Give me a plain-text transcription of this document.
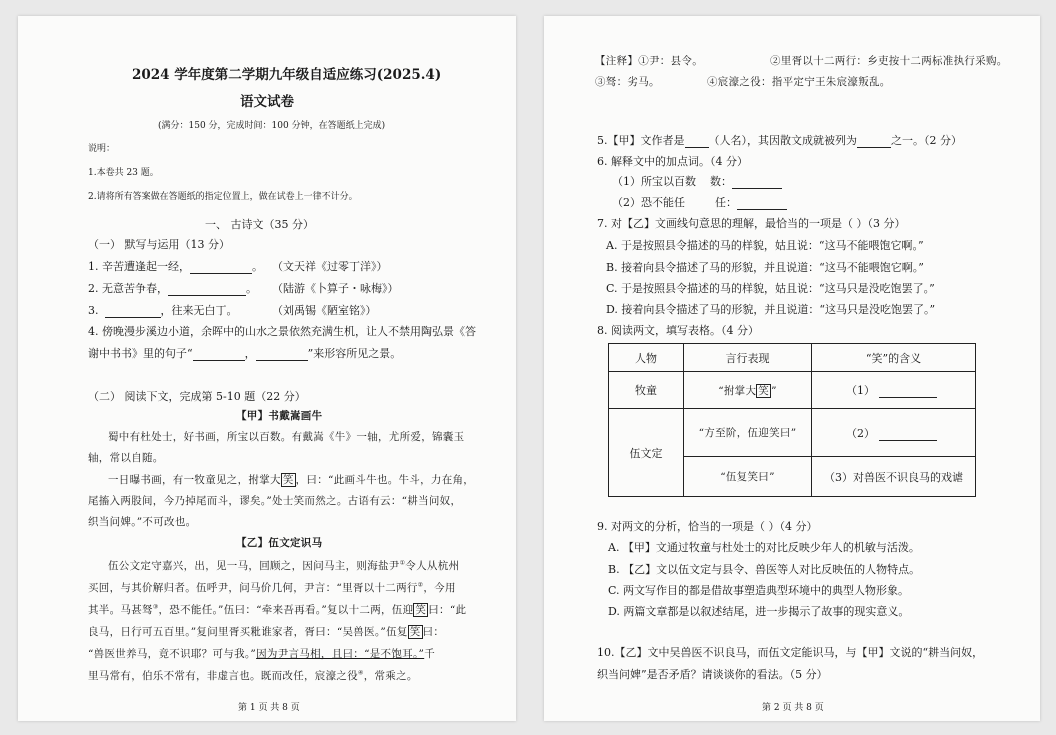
2024 学年度第二学期九年级自适应练习(2025.4)
语文试卷
(满分：150 分，完成时间：100 分钟，在答题纸上完成)
说明：
1.本卷共 23 题。
2.请将所有答案做在答题纸的指定位置上，做在试卷上一律不计分。
一、 古诗文（35 分）
（一） 默写与运用（13 分）
1. 辛苦遭逢起一经，	。 （文天祥《过零丁洋》）
2. 无意苦争春，	。 （陆游《卜算子・咏梅》）
3.	，往来无白丁。	（刘禹锡《陋室铭》）
4. 傍晚漫步溪边小道，余晖中的山水之景依然充满生机，让人不禁用陶弘景《答
谢中书书》里的句子“	，	”来形容所见之景。
（二） 阅读下文，完成第 5-10 题（22 分）
【甲】书戴嵩画牛
蜀中有杜处士，好书画，所宝以百数。有戴嵩《牛》一轴，尤所爱，锦囊玉
轴，常以自随。
一日曝书画，有一牧童见之，拊掌大 笑 ，曰：“此画斗牛也。牛斗，力在角，
尾搐入两股间，今乃掉尾而斗，谬矣。”处士笑而然之。古语有云：“耕当问奴，
织当问婢。”不可改也。
【乙】伍文定识马
伍公文定守嘉兴，出，见一马，回顾之，因问马主，则海盐尹①令人从杭州
买回，与其价解归者。伍呼尹，问马价几何，尹言：“里胥以十二两行②，今用
其半。马甚驽③，恐不能任。”伍曰：“牵来吾再看。”复以十二两，伍迎 笑 曰：“此
良马，日行可五百里。”复问里胥买粃谁家者，胥曰：“吴兽医。”伍复 笑 曰：
“兽医世养马，竟不识耶？可与我。”因为尹言马相，且曰：“是不饱耳。”千
里马常有，伯乐不常有，非虚言也。既而改任，宸濠之役④，常乘之。
第 1 页 共 8 页
【注释】①尹：县令。	②里胥以十二两行：乡吏按十二两标准执行采购。
③驽：劣马。	④宸濠之役：指平定宁王朱宸濠叛乱。
5.【甲】文作者是 （人名），其因散文成就被列为	之一。（2 分）
6. 解释文中的加点词。（4 分）
（1）所宝以百数 数：
（2）恐不能任	任：
7. 对【乙】文画线句意思的理解，最恰当的一项是（ ）（3 分）
A. 于是按照县令描述的马的样貌，姑且说：“这马不能喂饱它啊。”
B. 接着向县令描述了马的形貌，并且说道：“这马不能喂饱它啊。”
C. 于是按照县令描述的马的样貌，姑且说：“这马只是没吃饱罢了。”
D. 接着向县令描述了马的形貌，并且说道：“这马只是没吃饱罢了。”
8. 阅读两文，填写表格。（4 分）
人物	言行表现	“笑”的含义
牧童	“拊掌大 笑 ”	（1）
伍文定	“方至阶，伍迎笑曰”	（2）
	“伍复笑曰”	（3）对兽医不识良马的戏谑
9. 对两文的分析，恰当的一项是（ ）（4 分）
A. 【甲】文通过牧童与杜处士的对比反映少年人的机敏与活泼。
B. 【乙】文以伍文定与县令、兽医等人对比反映伍的人物特点。
C. 两文写作目的都是借故事塑造典型环境中的典型人物形象。
D. 两篇文章都是以叙述结尾，进一步揭示了故事的现实意义。
10.【乙】文中吴兽医不识良马，而伍文定能识马，与【甲】文说的“耕当问奴，
织当问婢”是否矛盾？请谈谈你的看法。（5 分）
第 2 页 共 8 页
